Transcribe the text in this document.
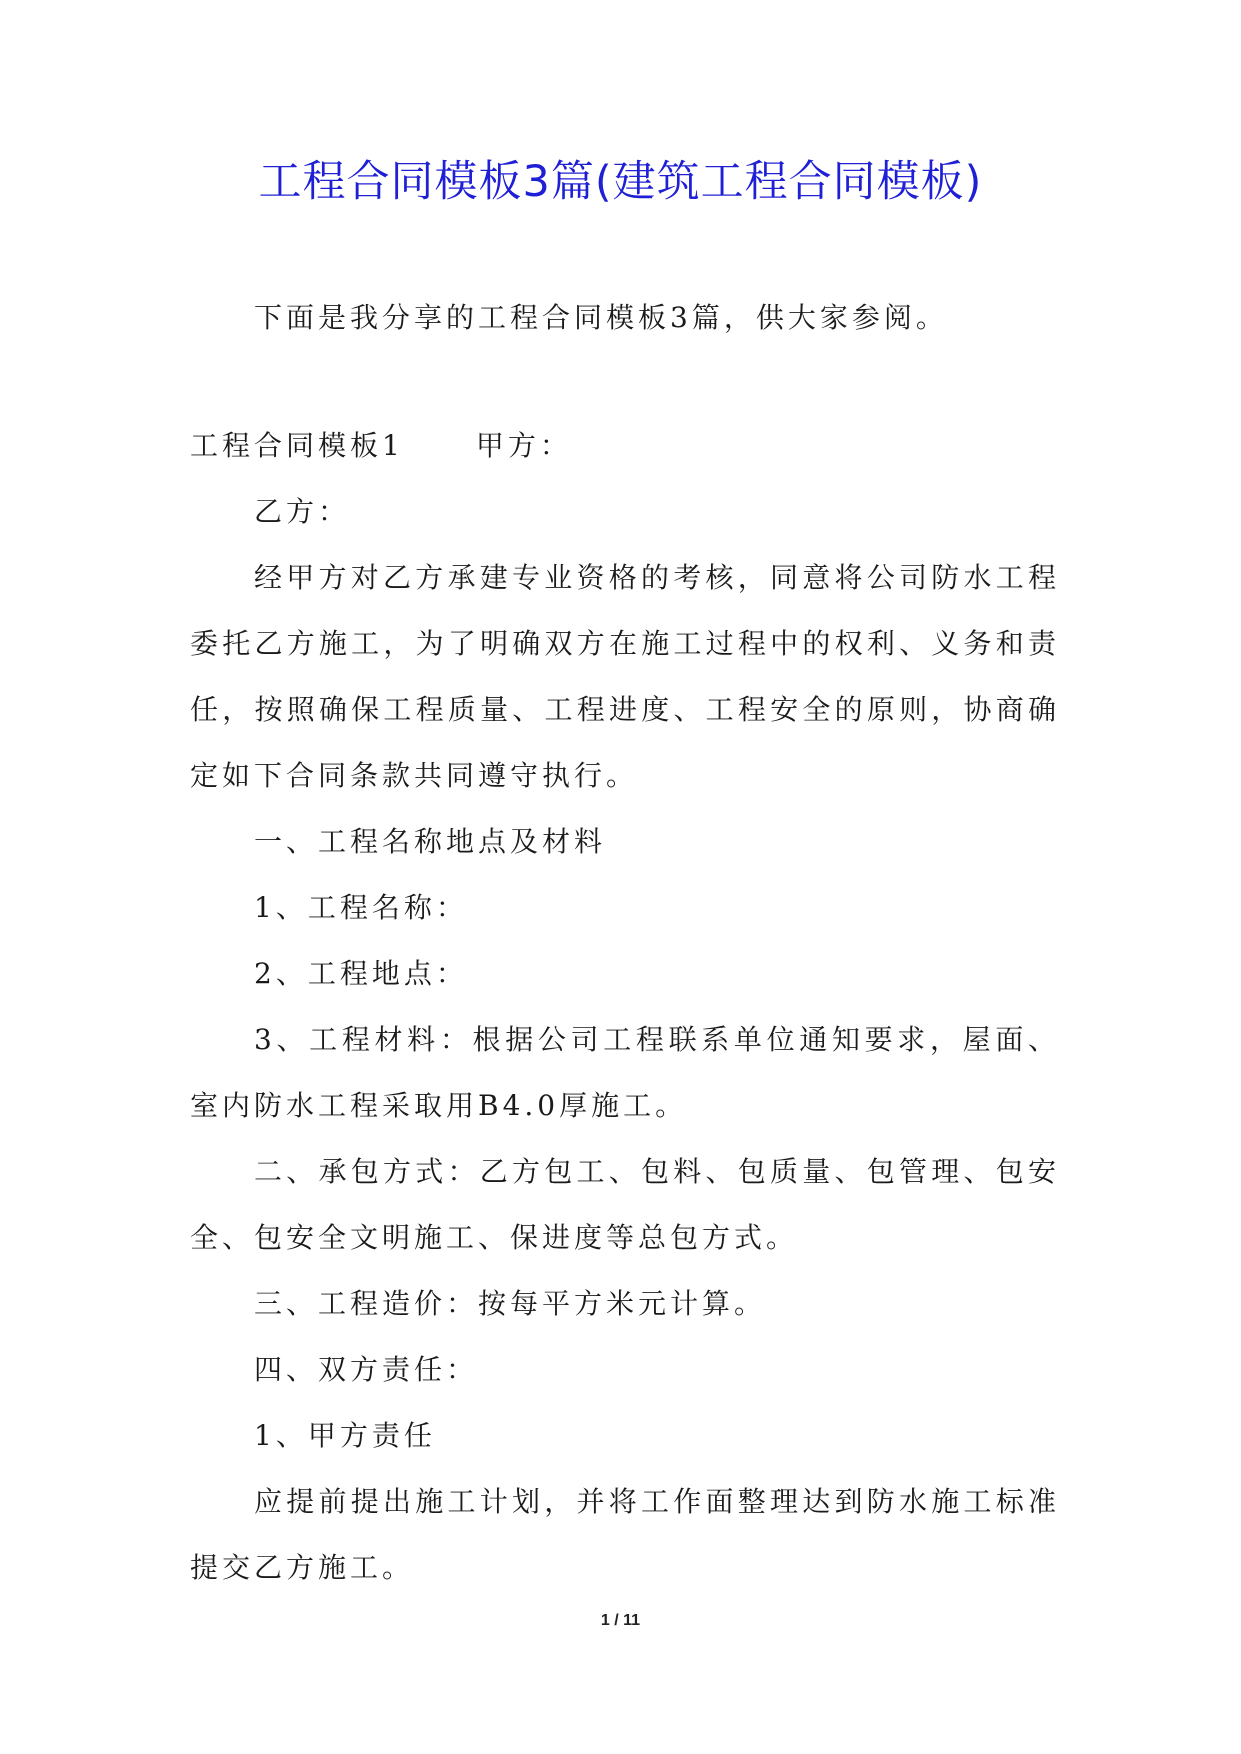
工程合同模板3篇(建筑工程合同模板)

下面是我分享的工程合同模板3篇，供大家参阅。

工程合同模板1	甲方：

乙方：

经甲方对乙方承建专业资格的考核，同意将公司防水工程委托乙方施工，为了明确双方在施工过程中的权利、义务和责任，按照确保工程质量、工程进度、工程安全的原则，协商确定如下合同条款共同遵守执行。

一、工程名称地点及材料

1、工程名称：

2、工程地点：

3、工程材料：根据公司工程联系单位通知要求，屋面、室内防水工程采取用B4.0厚施工。

二、承包方式：乙方包工、包料、包质量、包管理、包安全、包安全文明施工、保进度等总包方式。

三、工程造价：按每平方米元计算。

四、双方责任：

1、甲方责任

应提前提出施工计划，并将工作面整理达到防水施工标准提交乙方施工。

1 / 11
